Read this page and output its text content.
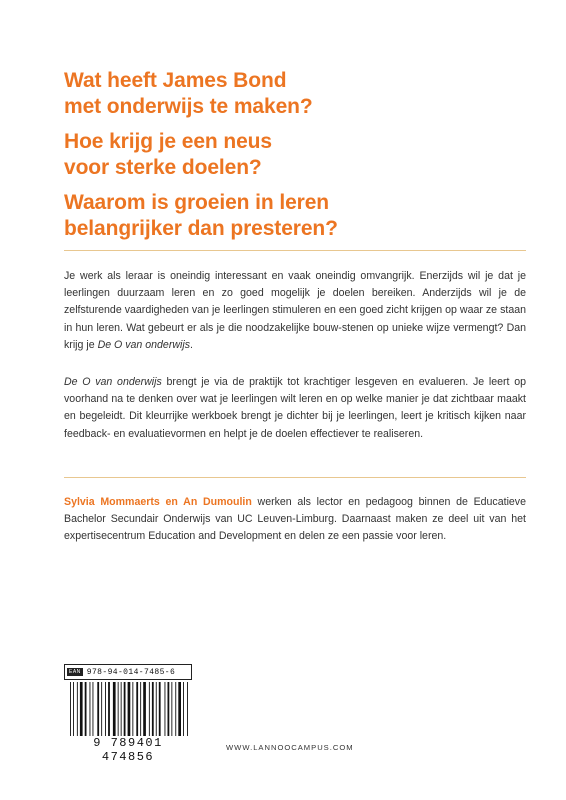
Wat heeft James Bond
met onderwijs te maken?

Hoe krijg je een neus
voor sterke doelen?

Waarom is groeien in leren
belangrijker dan presteren?

Je werk als leraar is oneindig interessant en vaak oneindig omvangrijk. Enerzijds wil je dat je leerlingen duurzaam leren en zo goed mogelijk je doelen bereiken. Anderzijds wil je de zelfsturende vaardigheden van je leerlingen stimuleren en een goed zicht krijgen op waar ze staan in hun leren. Wat gebeurt er als je die noodzakelijke bouw-stenen op unieke wijze vermengt? Dan krijg je De O van onderwijs.

De O van onderwijs brengt je via de praktijk tot krachtiger lesgeven en evalueren. Je leert op voorhand na te denken over wat je leerlingen wilt leren en op welke manier je dat zichtbaar maakt en begeleidt. Dit kleurrijke werkboek brengt je dichter bij je leerlingen, leert je kritisch kijken naar feedback- en evaluatievormen en helpt je de doelen effectiever te realiseren.

Sylvia Mommaerts en An Dumoulin werken als lector en pedagoog binnen de Educatieve Bachelor Secundair Onderwijs van UC Leuven-Limburg. Daarnaast maken ze deel uit van het expertisecentrum Education and Development en delen ze een passie voor leren.

EAN 978-94-014-7485-6
9 789401 474856
WWW.LANNOOCAMPUS.COM
